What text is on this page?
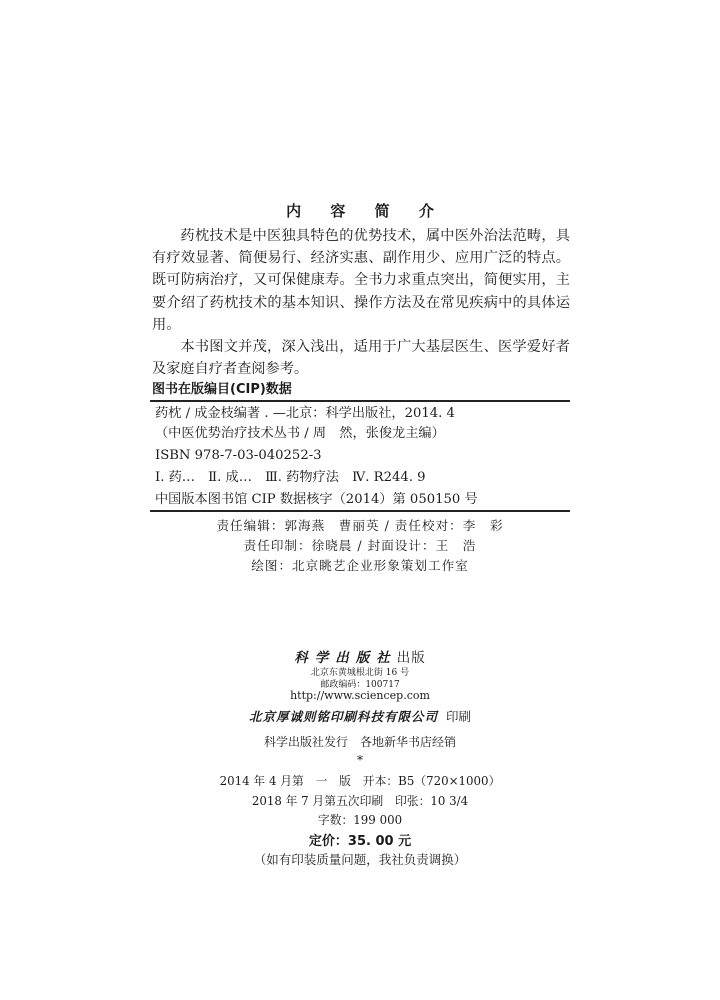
内 容 简 介

药枕技术是中医独具特色的优势技术，属中医外治法范畴，具有疗效显著、简便易行、经济实惠、副作用少、应用广泛的特点。既可防病治疗，又可保健康寿。全书力求重点突出，简便实用，主要介绍了药枕技术的基本知识、操作方法及在常见疾病中的具体运用。

本书图文并茂，深入浅出，适用于广大基层医生、医学爱好者及家庭自疗者查阅参考。

图书在版编目(CIP)数据
药枕 / 成金枝编著 . —北京：科学出版社，2014. 4
（中医优势治疗技术丛书 / 周　然，张俊龙主编）
ISBN 978-7-03-040252-3
Ⅰ. 药…　Ⅱ. 成…　Ⅲ. 药物疗法　Ⅳ. R244. 9
中国版本图书馆 CIP 数据核字（2014）第 050150 号
责任编辑：郭海燕　曹丽英 / 责任校对：李　彩
责任印制：徐晓晨 / 封面设计：王　浩
绘图：北京眺艺企业形象策划工作室
科学出版社出版
北京东黄城根北街 16 号
邮政编码：100717
http://www.sciencep.com
北京厚诚则铭印刷科技有限公司 印刷
科学出版社发行　各地新华书店经销
*
2014 年 4 月第　一　版　开本：B5（720×1000）
2018 年 7 月第五次印刷　印张：10 3/4
字数：199 000
定价：35. 00 元
（如有印装质量问题，我社负责调换）
